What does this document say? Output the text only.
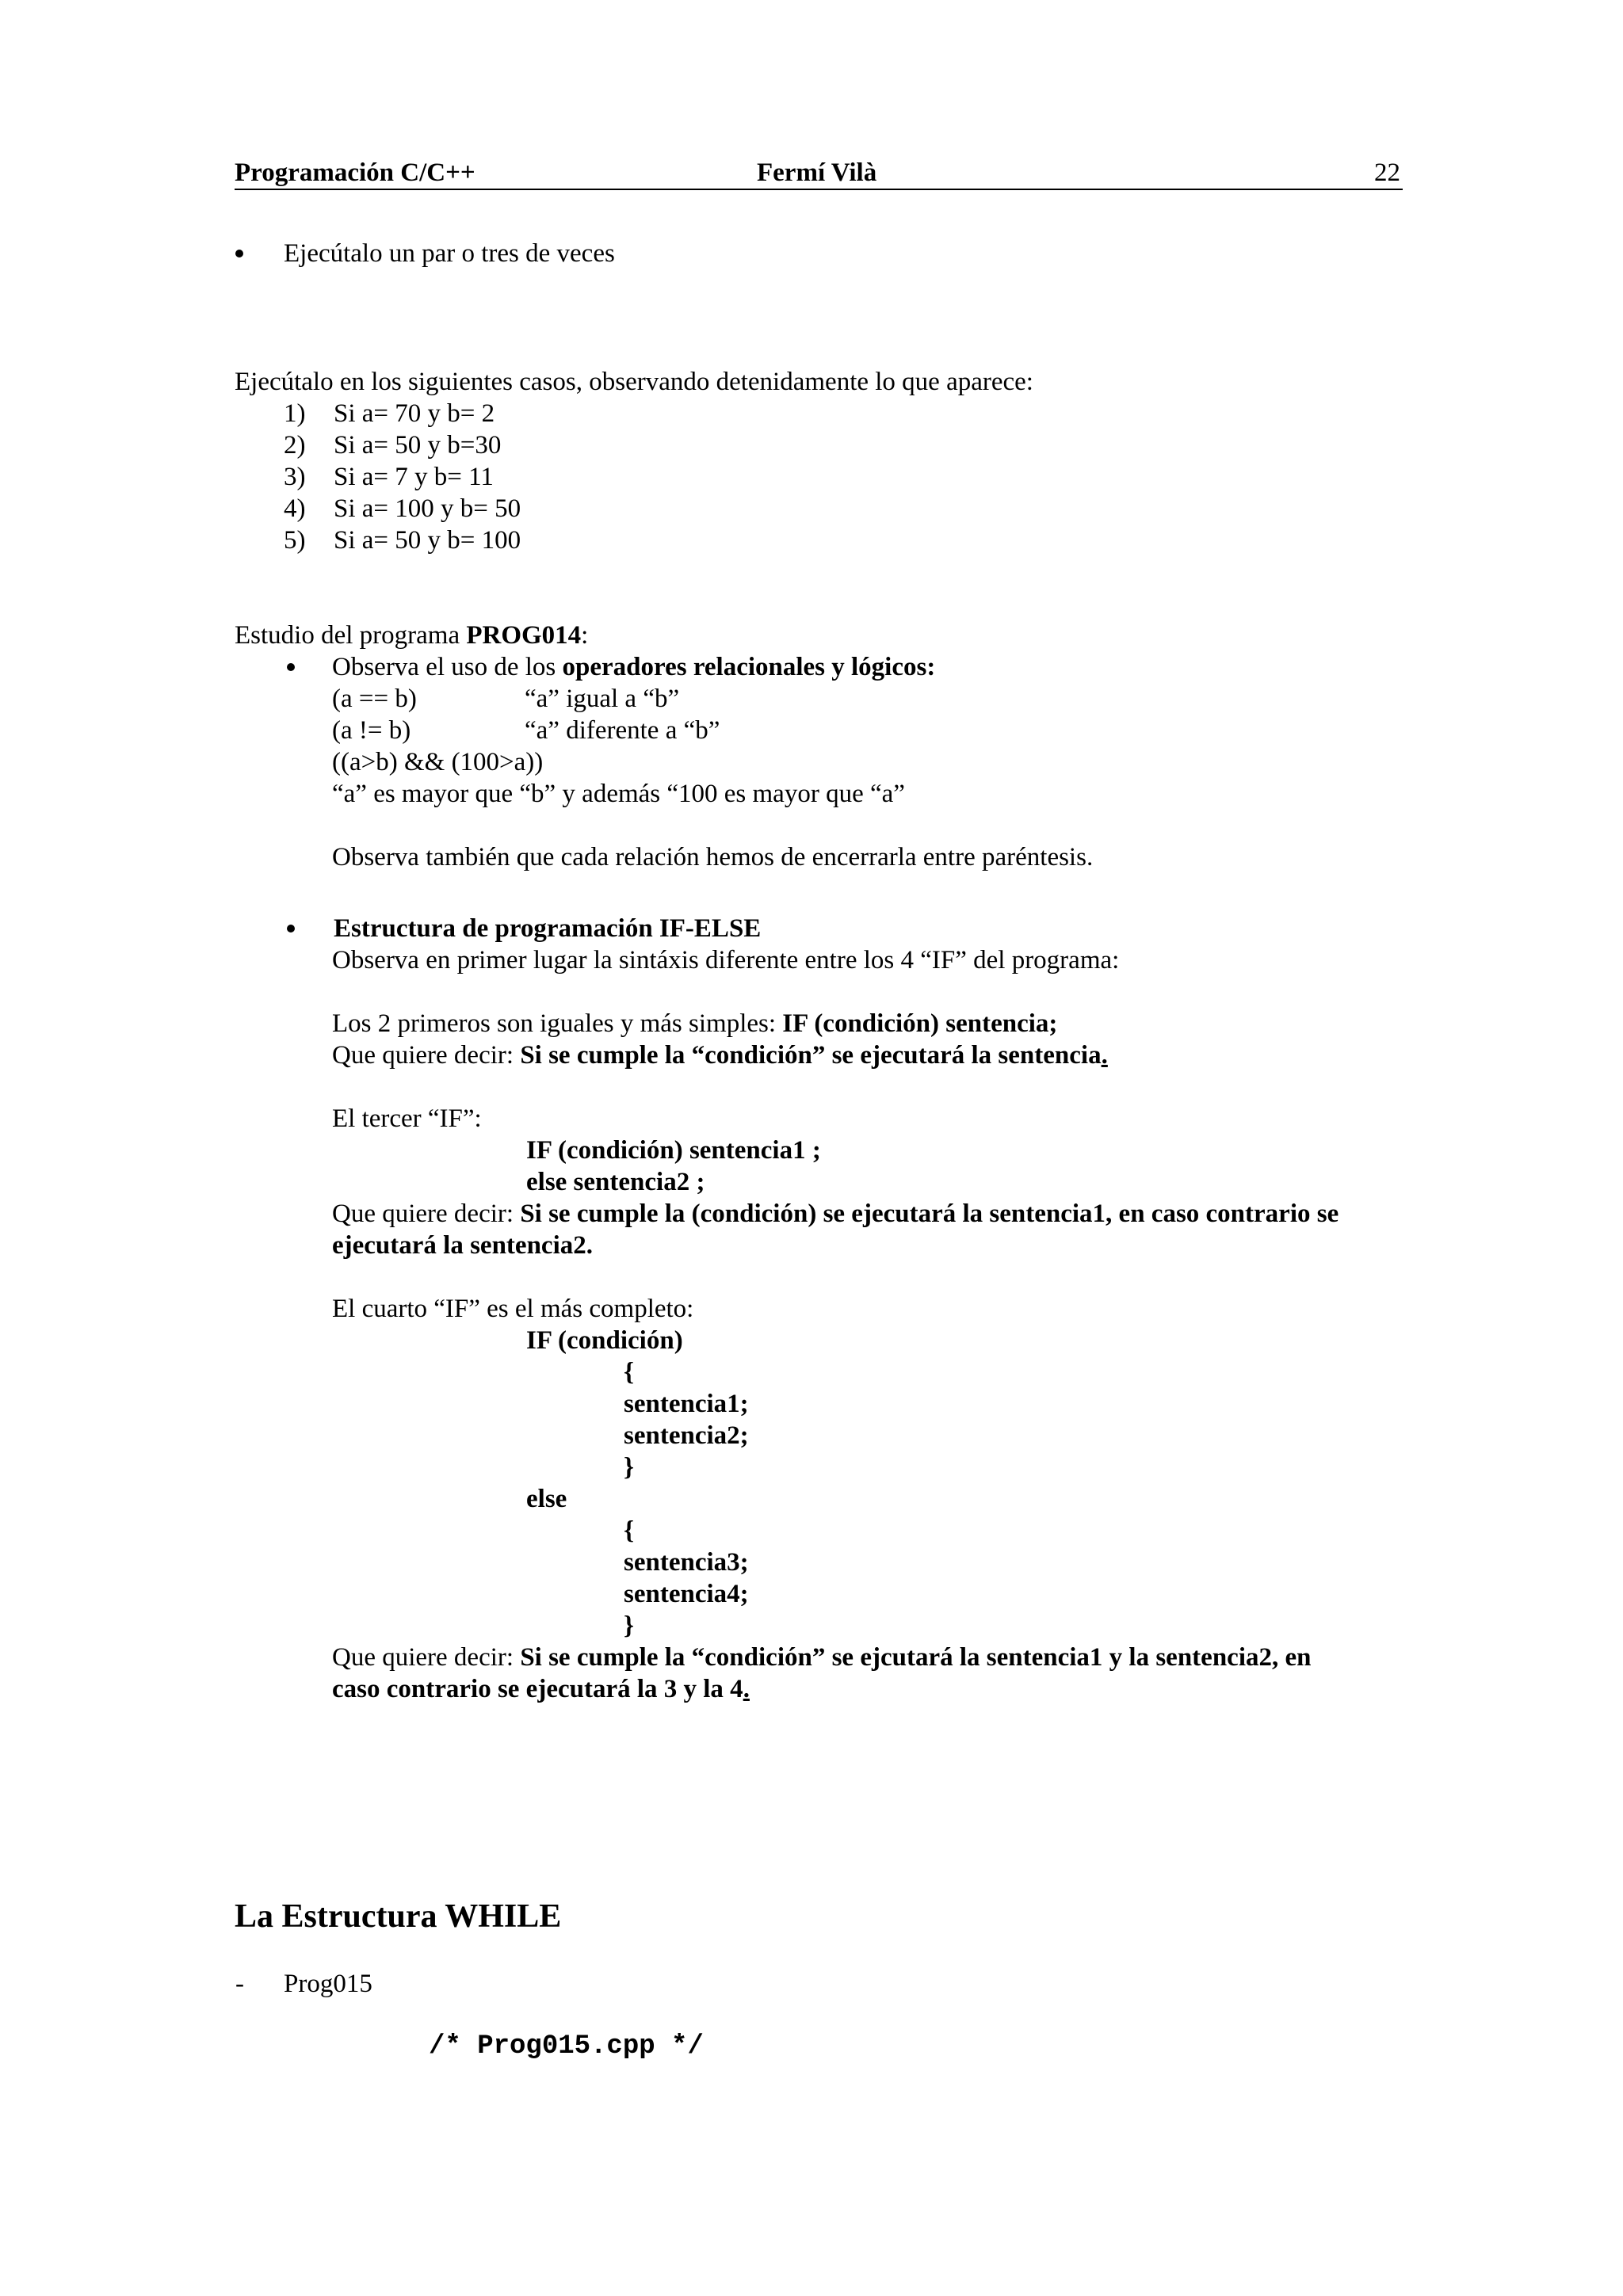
Programación C/C++	Fermí Vilà	22
Ejecútalo un par o tres de veces
Ejecútalo en los siguientes casos, observando detenidamente lo que aparece:
1) Si a= 70 y b= 2
2) Si a= 50 y b=30
3) Si a= 7 y b= 11
4) Si a= 100 y b= 50
5) Si a= 50 y b= 100
Estudio del programa PROG014:
Observa el uso de los operadores relacionales y lógicos:
(a == b)	“a” igual a “b”
(a != b)	“a” diferente a “b”
((a>b) && (100>a))
“a” es mayor que “b” y además “100 es mayor que “a”
Observa también que cada relación hemos de encerrarla entre paréntesis.
Estructura de programación IF-ELSE
Observa en primer lugar la sintáxis diferente entre los 4 “IF” del programa:
Los 2 primeros son iguales y más simples: IF (condición) sentencia;
Que quiere decir: Si se cumple la “condición” se ejecutará la sentencia.
El tercer “IF”:
IF (condición) sentencia1 ;
else sentencia2 ;
Que quiere decir: Si se cumple la (condición) se ejecutará la sentencia1, en caso contrario se
ejecutará la sentencia2.
El cuarto “IF” es el más completo:
IF (condición)
{
sentencia1;
sentencia2;
}
else
{
sentencia3;
sentencia4;
}
Que quiere decir: Si se cumple la “condición” se ejcutará la sentencia1 y la sentencia2, en
caso contrario se ejecutará la 3 y la 4.
La Estructura WHILE
- Prog015
/* Prog015.cpp */
